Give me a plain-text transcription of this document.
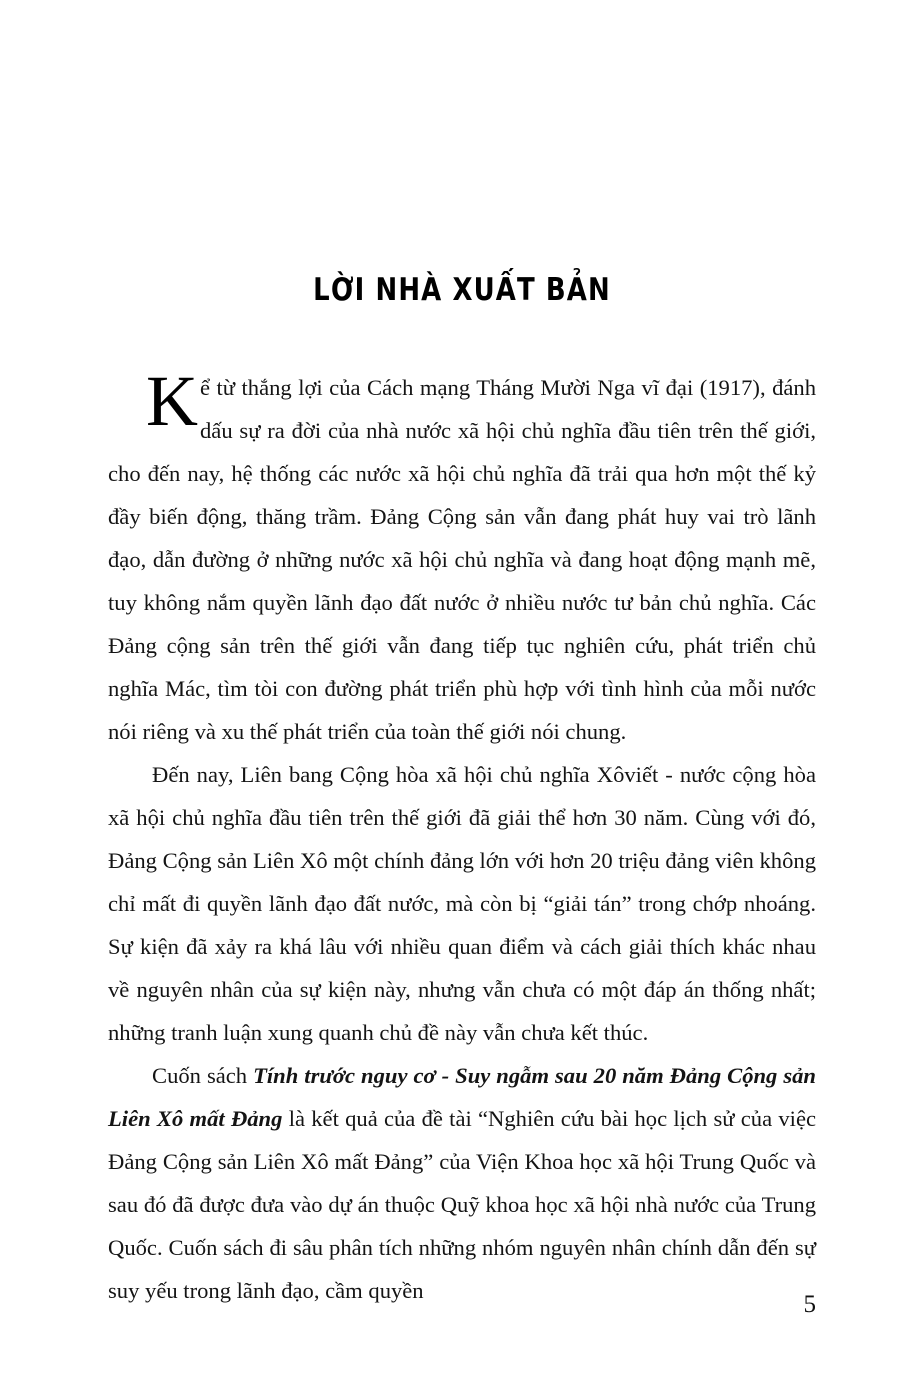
LỜI NHÀ XUẤT BẢN

Kể từ thắng lợi của Cách mạng Tháng Mười Nga vĩ đại (1917), đánh dấu sự ra đời của nhà nước xã hội chủ nghĩa đầu tiên trên thế giới, cho đến nay, hệ thống các nước xã hội chủ nghĩa đã trải qua hơn một thế kỷ đầy biến động, thăng trầm. Đảng Cộng sản vẫn đang phát huy vai trò lãnh đạo, dẫn đường ở những nước xã hội chủ nghĩa và đang hoạt động mạnh mẽ, tuy không nắm quyền lãnh đạo đất nước ở nhiều nước tư bản chủ nghĩa. Các Đảng cộng sản trên thế giới vẫn đang tiếp tục nghiên cứu, phát triển chủ nghĩa Mác, tìm tòi con đường phát triển phù hợp với tình hình của mỗi nước nói riêng và xu thế phát triển của toàn thế giới nói chung.

Đến nay, Liên bang Cộng hòa xã hội chủ nghĩa Xôviết - nước cộng hòa xã hội chủ nghĩa đầu tiên trên thế giới đã giải thể hơn 30 năm. Cùng với đó, Đảng Cộng sản Liên Xô một chính đảng lớn với hơn 20 triệu đảng viên không chỉ mất đi quyền lãnh đạo đất nước, mà còn bị “giải tán” trong chớp nhoáng. Sự kiện đã xảy ra khá lâu với nhiều quan điểm và cách giải thích khác nhau về nguyên nhân của sự kiện này, nhưng vẫn chưa có một đáp án thống nhất; những tranh luận xung quanh chủ đề này vẫn chưa kết thúc.

Cuốn sách Tính trước nguy cơ - Suy ngẫm sau 20 năm Đảng Cộng sản Liên Xô mất Đảng là kết quả của đề tài “Nghiên cứu bài học lịch sử của việc Đảng Cộng sản Liên Xô mất Đảng” của Viện Khoa học xã hội Trung Quốc và sau đó đã được đưa vào dự án thuộc Quỹ khoa học xã hội nhà nước của Trung Quốc. Cuốn sách đi sâu phân tích những nhóm nguyên nhân chính dẫn đến sự suy yếu trong lãnh đạo, cầm quyền

5
